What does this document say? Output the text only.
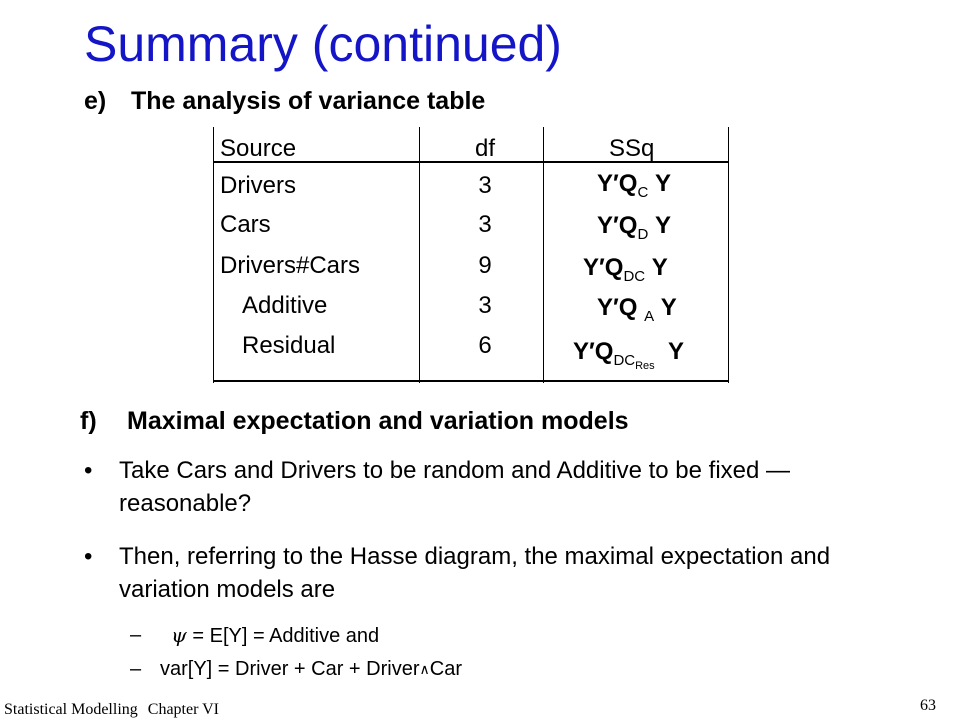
Summary (continued)
e) The analysis of variance table
Source	df	SSq
Drivers	3	$Y'Q_C$ Y
Cars	3	$Y'Q_D$ Y
Drivers#Cars	9	$Y'Q_{DC}$ Y
Additive	3	Y′Q $_A$ Y
Residual	6	$Y'Q_{DC_{Res}}$  Y
f) Maximal expectation and variation models
• Take Cars and Drivers to be random and Additive to be fixed — reasonable?
• Then, referring to the Hasse diagram, the maximal expectation and variation models are
–	ψ = E[Y] = Additive and
– var[Y] = Driver + Car + Driver∧Car
Statistical Modelling Chapter VI	63
